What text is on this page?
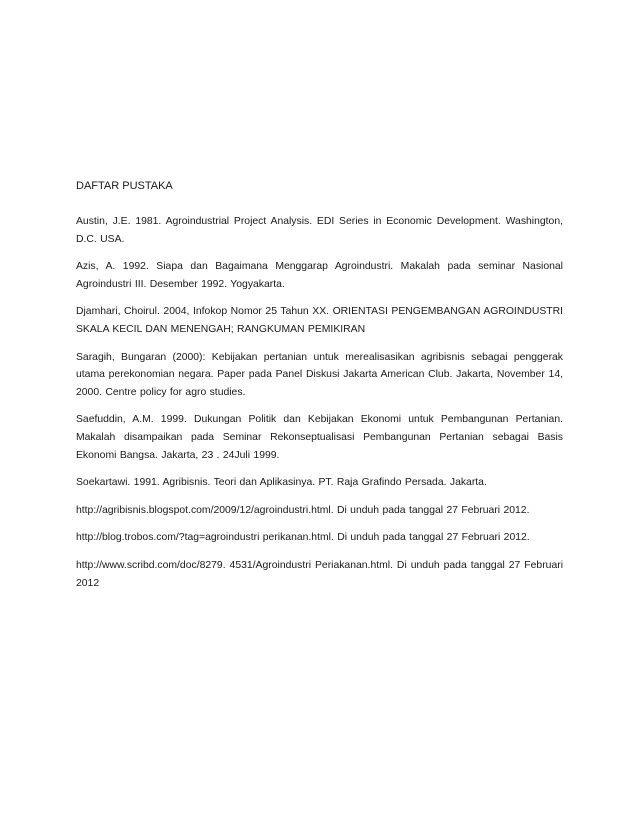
DAFTAR PUSTAKA

Austin, J.E. 1981. Agroindustrial Project Analysis. EDI Series in Economic Development. Washington, D.C. USA.

Azis, A. 1992. Siapa dan Bagaimana Menggarap Agroindustri. Makalah pada seminar Nasional Agroindustri III. Desember 1992. Yogyakarta.

Djamhari, Choirul. 2004, Infokop Nomor 25 Tahun XX. ORIENTASI PENGEMBANGAN AGROINDUSTRI SKALA KECIL DAN MENENGAH; RANGKUMAN PEMIKIRAN

Saragih, Bungaran (2000): Kebijakan pertanian untuk merealisasikan agribisnis sebagai penggerak utama perekonomian negara. Paper pada Panel Diskusi Jakarta American Club. Jakarta, November 14, 2000. Centre policy for agro studies.

Saefuddin, A.M. 1999. Dukungan Politik dan Kebijakan Ekonomi untuk Pembangunan Pertanian. Makalah disampaikan pada Seminar Rekonseptualisasi Pembangunan Pertanian sebagai Basis Ekonomi Bangsa. Jakarta, 23 . 24Juli 1999.

Soekartawi. 1991. Agribisnis. Teori dan Aplikasinya. PT. Raja Grafindo Persada. Jakarta.

http://agribisnis.blogspot.com/2009/12/agroindustri.html. Di unduh pada tanggal 27 Februari 2012.

http://blog.trobos.com/?tag=agroindustri perikanan.html. Di unduh pada tanggal 27 Februari 2012.

http://www.scribd.com/doc/8279. 4531/Agroindustri Periakanan.html. Di unduh pada tanggal 27 Februari 2012
